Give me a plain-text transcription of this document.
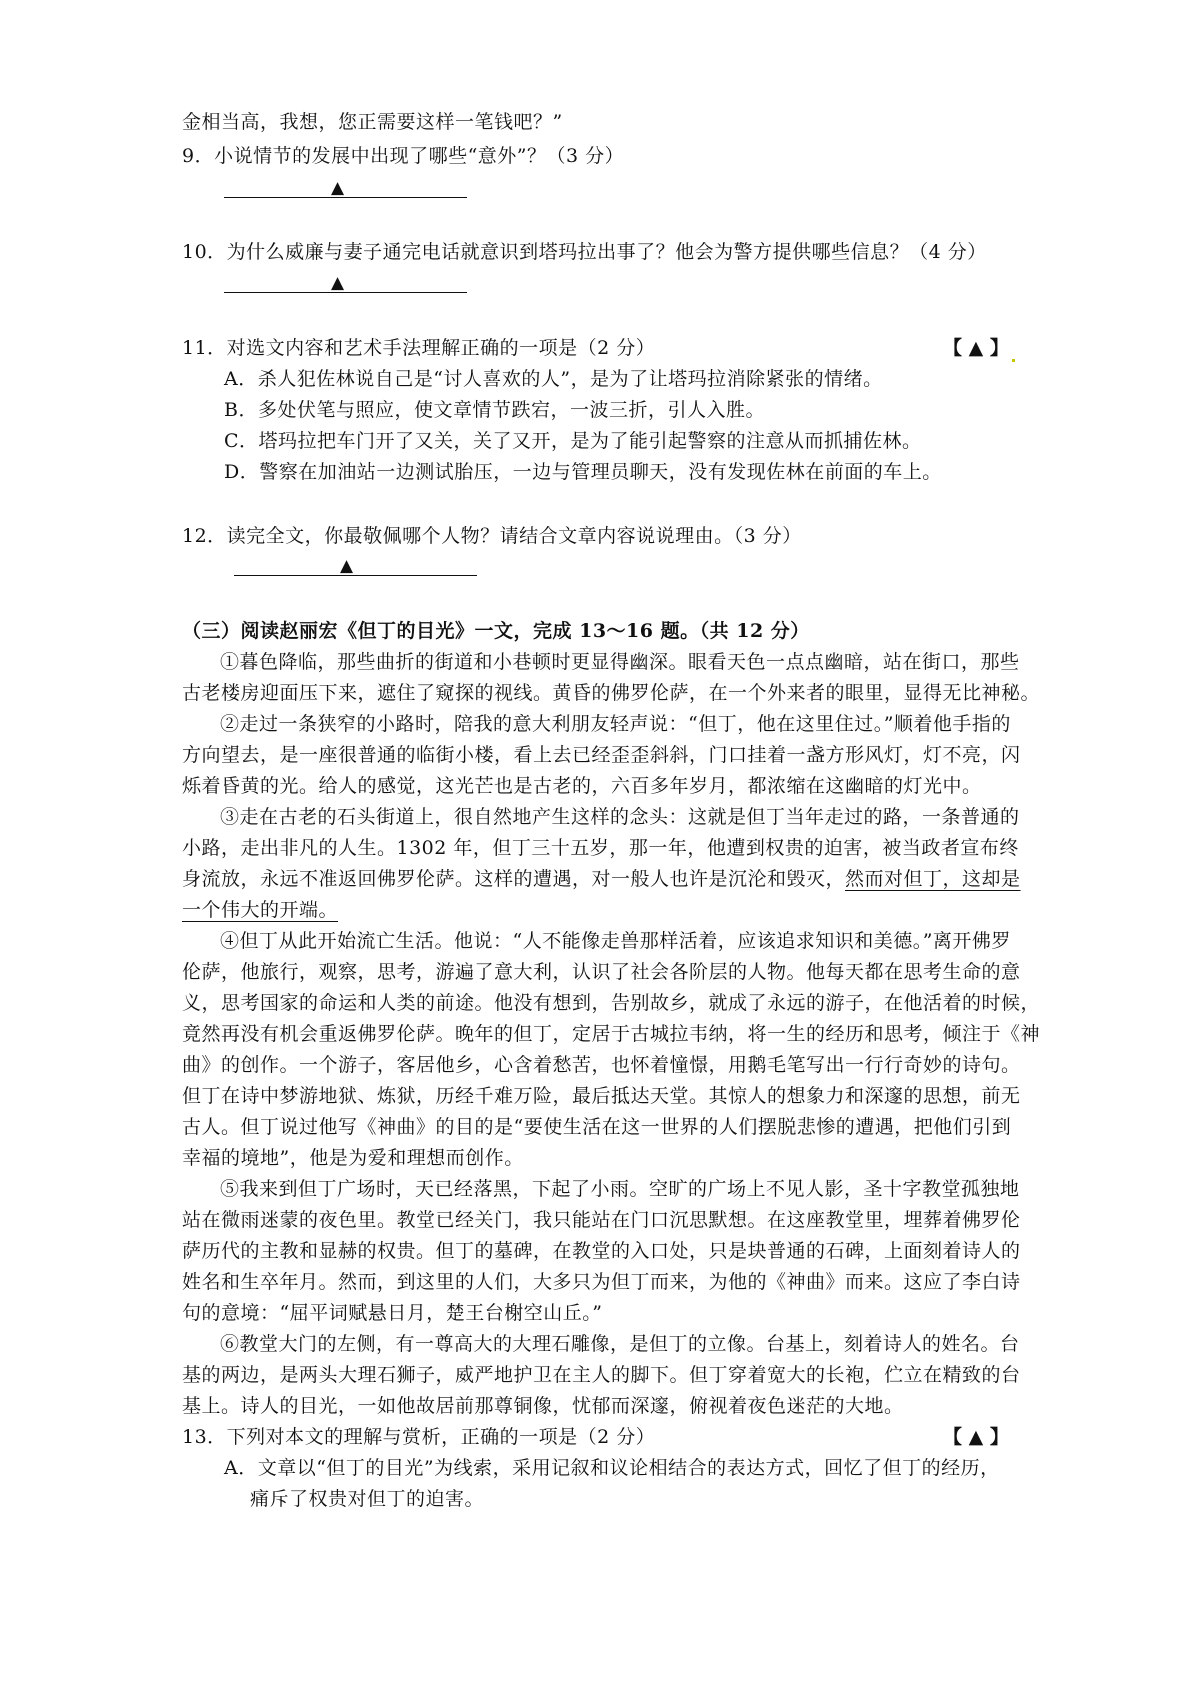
金相当高，我想，您正需要这样一笔钱吧？”
9．小说情节的发展中出现了哪些“意外”？（3 分）
▲
10．为什么威廉与妻子通完电话就意识到塔玛拉出事了？他会为警方提供哪些信息？（4 分）
▲
11．对选文内容和艺术手法理解正确的一项是（2 分）	【 ▲ 】
A．杀人犯佐林说自己是“讨人喜欢的人”，是为了让塔玛拉消除紧张的情绪。
B．多处伏笔与照应，使文章情节跌宕，一波三折，引人入胜。
C．塔玛拉把车门开了又关，关了又开，是为了能引起警察的注意从而抓捕佐林。
D．警察在加油站一边测试胎压，一边与管理员聊天，没有发现佐林在前面的车上。
12．读完全文，你最敬佩哪个人物？请结合文章内容说说理由。（3 分）
▲
（三）阅读赵丽宏《但丁的目光》一文，完成 13～16 题。（共 12 分）
①暮色降临，那些曲折的街道和小巷顿时更显得幽深。眼看天色一点点幽暗，站在街口，那些
古老楼房迎面压下来，遮住了窥探的视线。黄昏的佛罗伦萨，在一个外来者的眼里，显得无比神秘。
②走过一条狭窄的小路时，陪我的意大利朋友轻声说：“但丁，他在这里住过。”顺着他手指的
方向望去，是一座很普通的临街小楼，看上去已经歪歪斜斜，门口挂着一盏方形风灯，灯不亮，闪
烁着昏黄的光。给人的感觉，这光芒也是古老的，六百多年岁月，都浓缩在这幽暗的灯光中。
③走在古老的石头街道上，很自然地产生这样的念头：这就是但丁当年走过的路，一条普通的
小路，走出非凡的人生。1302 年，但丁三十五岁，那一年，他遭到权贵的迫害，被当政者宣布终
身流放，永远不准返回佛罗伦萨。这样的遭遇，对一般人也许是沉沦和毁灭，然而对但丁，这却是
一个伟大的开端。
④但丁从此开始流亡生活。他说：“人不能像走兽那样活着，应该追求知识和美德。”离开佛罗
伦萨，他旅行，观察，思考，游遍了意大利，认识了社会各阶层的人物。他每天都在思考生命的意
义，思考国家的命运和人类的前途。他没有想到，告别故乡，就成了永远的游子，在他活着的时候，
竟然再没有机会重返佛罗伦萨。晚年的但丁，定居于古城拉韦纳，将一生的经历和思考，倾注于《神
曲》的创作。一个游子，客居他乡，心含着愁苦，也怀着憧憬，用鹅毛笔写出一行行奇妙的诗句。
但丁在诗中梦游地狱、炼狱，历经千难万险，最后抵达天堂。其惊人的想象力和深邃的思想，前无
古人。但丁说过他写《神曲》的目的是“要使生活在这一世界的人们摆脱悲惨的遭遇，把他们引到
幸福的境地”，他是为爱和理想而创作。
⑤我来到但丁广场时，天已经落黑，下起了小雨。空旷的广场上不见人影，圣十字教堂孤独地
站在微雨迷蒙的夜色里。教堂已经关门，我只能站在门口沉思默想。在这座教堂里，埋葬着佛罗伦
萨历代的主教和显赫的权贵。但丁的墓碑，在教堂的入口处，只是块普通的石碑，上面刻着诗人的
姓名和生卒年月。然而，到这里的人们，大多只为但丁而来，为他的《神曲》而来。这应了李白诗
句的意境：“屈平词赋悬日月，楚王台榭空山丘。”
⑥教堂大门的左侧，有一尊高大的大理石雕像，是但丁的立像。台基上，刻着诗人的姓名。台
基的两边，是两头大理石狮子，威严地护卫在主人的脚下。但丁穿着宽大的长袍，伫立在精致的台
基上。诗人的目光，一如他故居前那尊铜像，忧郁而深邃，俯视着夜色迷茫的大地。
13．下列对本文的理解与赏析，正确的一项是（2 分）	【 ▲ 】
A．文章以“但丁的目光”为线索，采用记叙和议论相结合的表达方式，回忆了但丁的经历，
痛斥了权贵对但丁的迫害。
